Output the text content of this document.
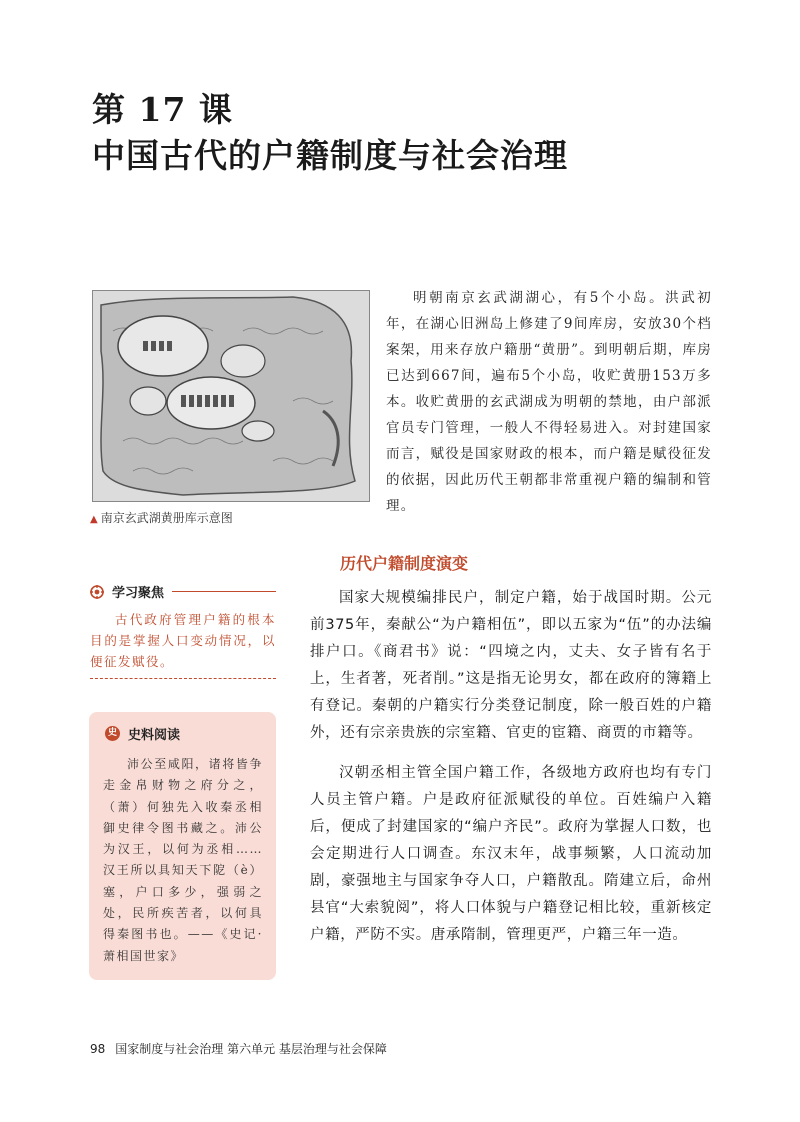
第 17 课
中国古代的户籍制度与社会治理
▲ 南京玄武湖黄册库示意图
明朝南京玄武湖湖心，有5个小岛。洪武初年，在湖心旧洲岛上修建了9间库房，安放30个档案架，用来存放户籍册“黄册”。到明朝后期，库房已达到667间，遍布5个小岛，收贮黄册153万多本。收贮黄册的玄武湖成为明朝的禁地，由户部派官员专门管理，一般人不得轻易进入。对封建国家而言，赋役是国家财政的根本，而户籍是赋役征发的依据，因此历代王朝都非常重视户籍的编制和管理。
历代户籍制度演变
学习聚焦
古代政府管理户籍的根本目的是掌握人口变动情况，以便征发赋役。
史 史料阅读
沛公至咸阳，诸将皆争走金帛财物之府分之，（萧）何独先入收秦丞相御史律令图书藏之。沛公为汉王，以何为丞相……汉王所以具知天下阸（è）塞，户口多少，强弱之处，民所疾苦者，以何具得秦图书也。——《史记·萧相国世家》
国家大规模编排民户，制定户籍，始于战国时期。公元前375年，秦献公“为户籍相伍”，即以五家为“伍”的办法编排户口。《商君书》说：“四境之内，丈夫、女子皆有名于上，生者著，死者削。”这是指无论男女，都在政府的簿籍上有登记。秦朝的户籍实行分类登记制度，除一般百姓的户籍外，还有宗亲贵族的宗室籍、官吏的宦籍、商贾的市籍等。
汉朝丞相主管全国户籍工作，各级地方政府也均有专门人员主管户籍。户是政府征派赋役的单位。百姓编户入籍后，便成了封建国家的“编户齐民”。政府为掌握人口数，也会定期进行人口调查。东汉末年，战事频繁，人口流动加剧，豪强地主与国家争夺人口，户籍散乱。隋建立后，命州县官“大索貌阅”，将人口体貌与户籍登记相比较，重新核定户籍，严防不实。唐承隋制，管理更严，户籍三年一造。
98 国家制度与社会治理 第六单元 基层治理与社会保障
